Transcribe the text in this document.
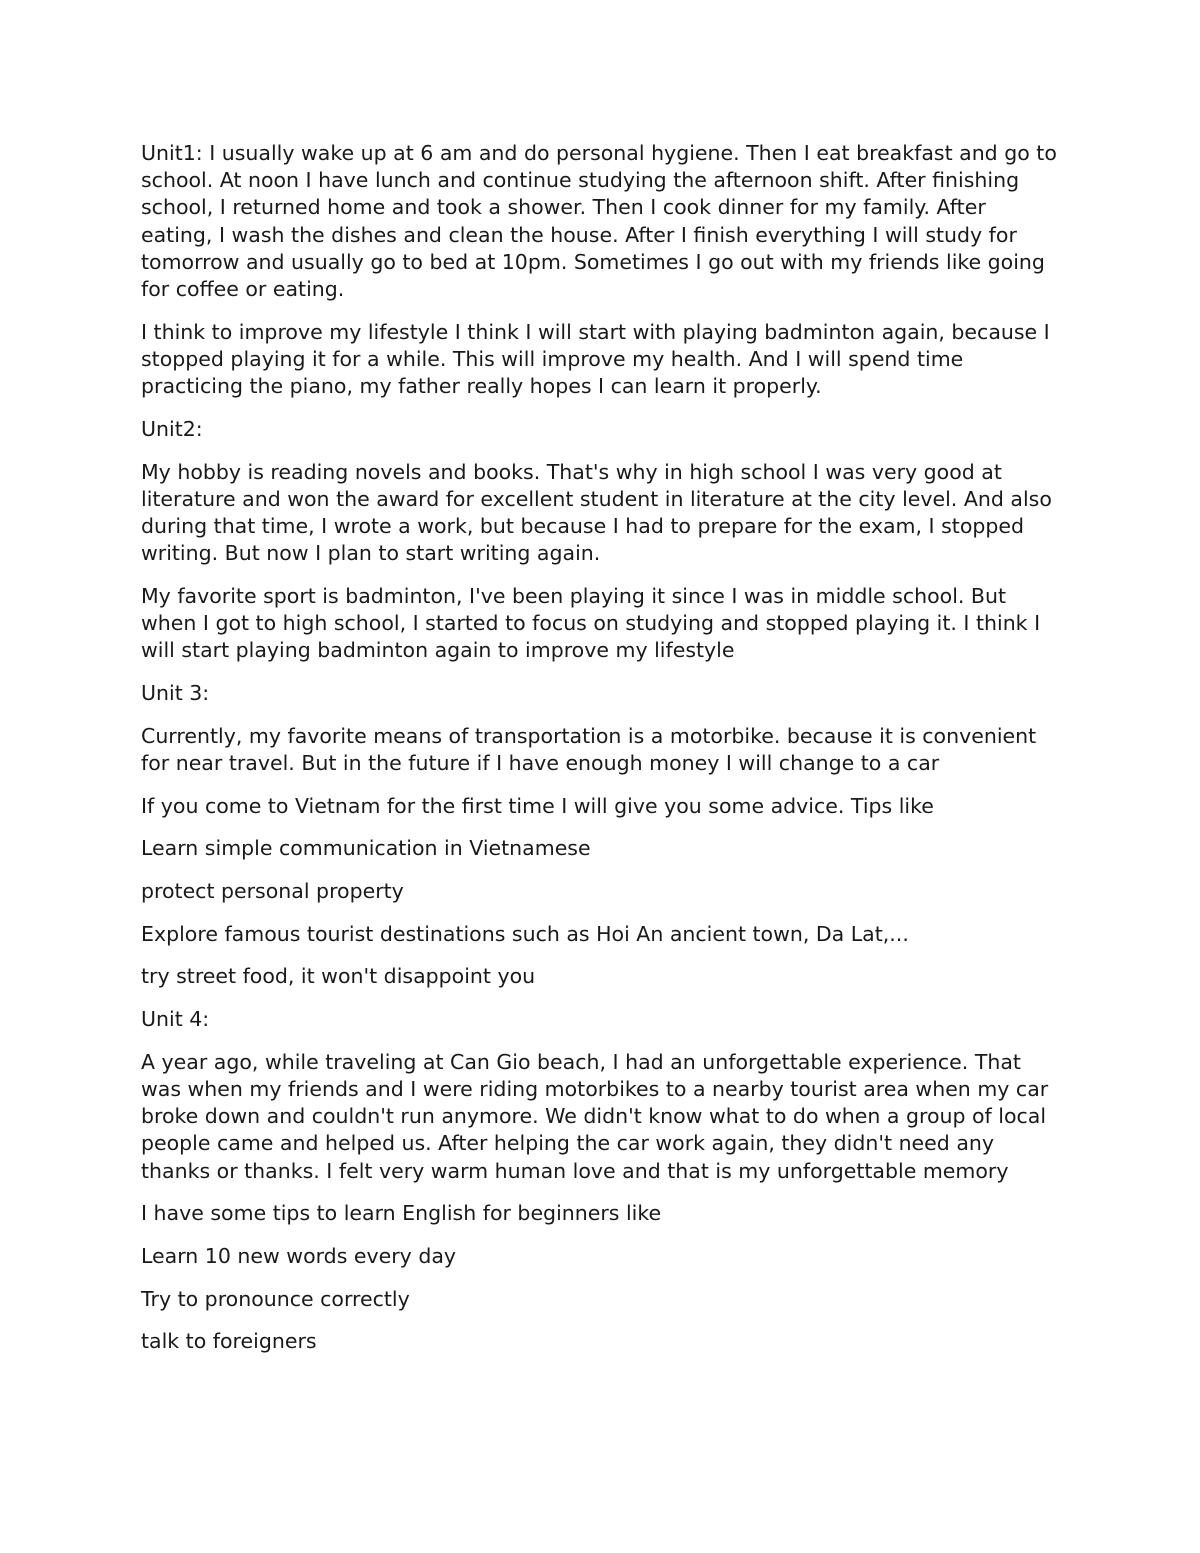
Unit1: I usually wake up at 6 am and do personal hygiene. Then I eat breakfast and go to school. At noon I have lunch and continue studying the afternoon shift. After finishing school, I returned home and took a shower. Then I cook dinner for my family. After eating, I wash the dishes and clean the house. After I finish everything I will study for tomorrow and usually go to bed at 10pm. Sometimes I go out with my friends like going for coffee or eating.

I think to improve my lifestyle I think I will start with playing badminton again, because I stopped playing it for a while. This will improve my health. And I will spend time practicing the piano, my father really hopes I can learn it properly.

Unit2:

My hobby is reading novels and books. That's why in high school I was very good at literature and won the award for excellent student in literature at the city level. And also during that time, I wrote a work, but because I had to prepare for the exam, I stopped writing. But now I plan to start writing again.

My favorite sport is badminton, I've been playing it since I was in middle school. But when I got to high school, I started to focus on studying and stopped playing it. I think I will start playing badminton again to improve my lifestyle

Unit 3:

Currently, my favorite means of transportation is a motorbike. because it is convenient for near travel. But in the future if I have enough money I will change to a car

If you come to Vietnam for the first time I will give you some advice. Tips like

Learn simple communication in Vietnamese

protect personal property

Explore famous tourist destinations such as Hoi An ancient town, Da Lat,...

try street food, it won't disappoint you

Unit 4:

A year ago, while traveling at Can Gio beach, I had an unforgettable experience. That was when my friends and I were riding motorbikes to a nearby tourist area when my car broke down and couldn't run anymore. We didn't know what to do when a group of local people came and helped us. After helping the car work again, they didn't need any thanks or thanks. I felt very warm human love and that is my unforgettable memory

I have some tips to learn English for beginners like

Learn 10 new words every day

Try to pronounce correctly

talk to foreigners
